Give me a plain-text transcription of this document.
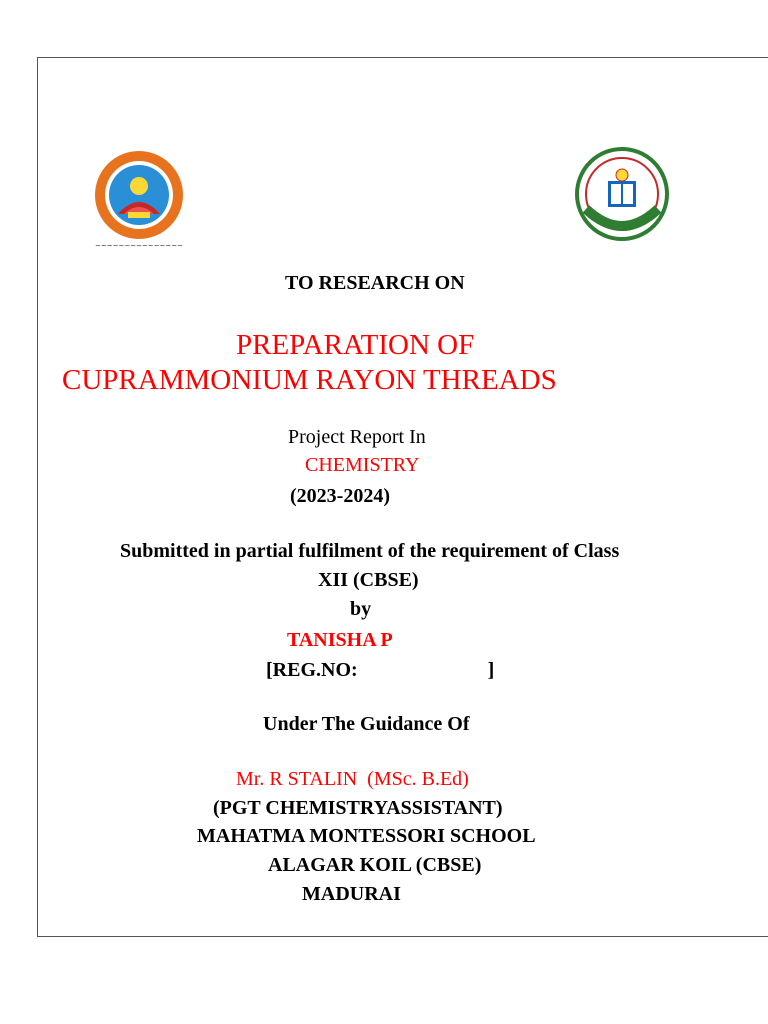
~~~~~~~~~~~~~~~
TO RESEARCH ON
PREPARATION OF
CUPRAMMONIUM RAYON THREADS
Project Report In
CHEMISTRY
(2023-2024)
Submitted in partial fulfilment of the requirement of Class
XII (CBSE)
by
TANISHA P
[REG.NO:                          ]
Under The Guidance Of
Mr. R STALIN  (MSc. B.Ed)
(PGT CHEMISTRYASSISTANT)
MAHATMA MONTESSORI SCHOOL
ALAGAR KOIL (CBSE)
MADURAI
